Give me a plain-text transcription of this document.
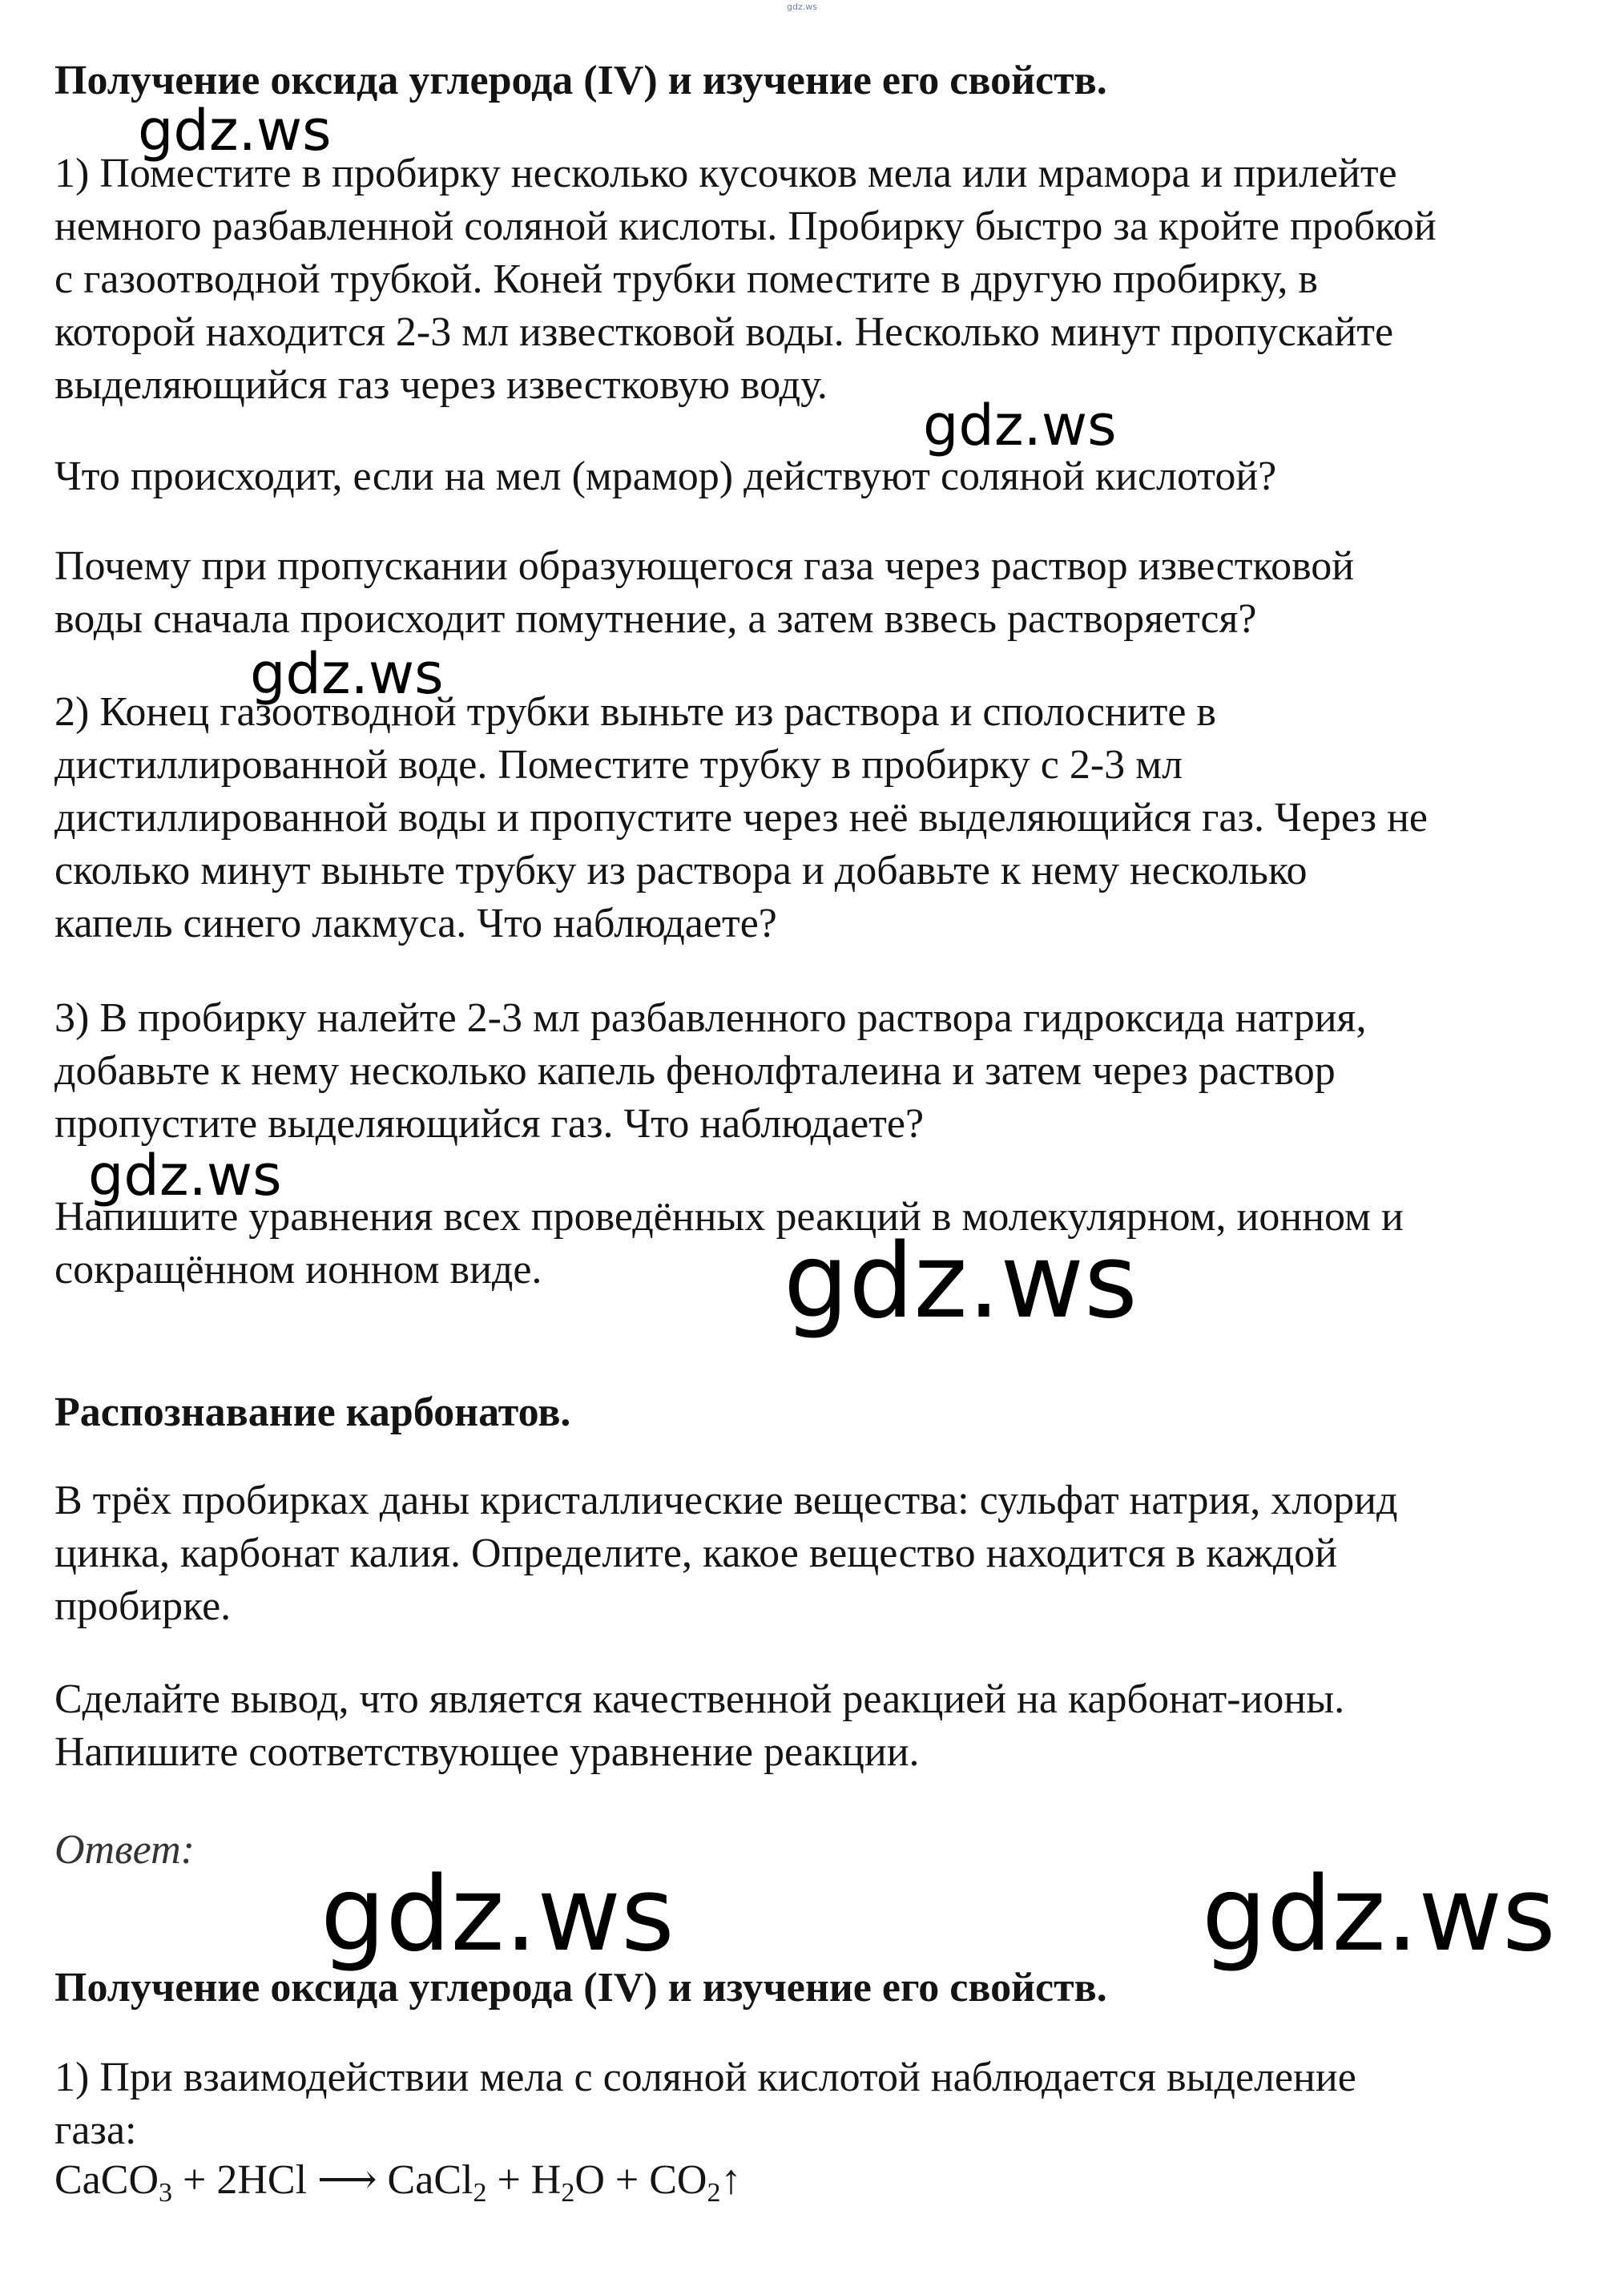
gdz.ws

Получение оксида углерода (IV) и изучение его свойств.

1) Поместите в пробирку несколько кусочков мела или мрамора и прилейте
немного разбавленной соляной кислоты. Пробирку быстро за кройте пробкой
с газоотводной трубкой. Коней трубки поместите в другую пробирку, в
которой находится 2-3 мл известковой воды. Несколько минут пропускайте
выделяющийся газ через известковую воду.

Что происходит, если на мел (мрамор) действуют соляной кислотой?

Почему при пропускании образующегося газа через раствор известковой
воды сначала происходит помутнение, а затем взвесь растворяется?

2) Конец газоотводной трубки выньте из раствора и сполосните в
дистиллированной воде. Поместите трубку в пробирку с 2-3 мл
дистиллированной воды и пропустите через неё выделяющийся газ. Через не
сколько минут выньте трубку из раствора и добавьте к нему несколько
капель синего лакмуса. Что наблюдаете?

3) В пробирку налейте 2-3 мл разбавленного раствора гидроксида натрия,
добавьте к нему несколько капель фенолфталеина и затем через раствор
пропустите выделяющийся газ. Что наблюдаете?

Напишите уравнения всех проведённых реакций в молекулярном, ионном и
сокращённом ионном виде.

Распознавание карбонатов.

В трёх пробирках даны кристаллические вещества: сульфат натрия, хлорид
цинка, карбонат калия. Определите, какое вещество находится в каждой
пробирке.

Сделайте вывод, что является качественной реакцией на карбонат-ионы.
Напишите соответствующее уравнение реакции.

Ответ:

Получение оксида углерода (IV) и изучение его свойств.

1) При взаимодействии мела с соляной кислотой наблюдается выделение
газа:

CaCO$_3$ + 2HCl ⟶ CaCl$_2$ + $H_2O$ + $CO_2↑$
gdz.ws
gdz.ws
gdz.ws
gdz.ws
gdz.ws
gdz.ws	gdz.ws
